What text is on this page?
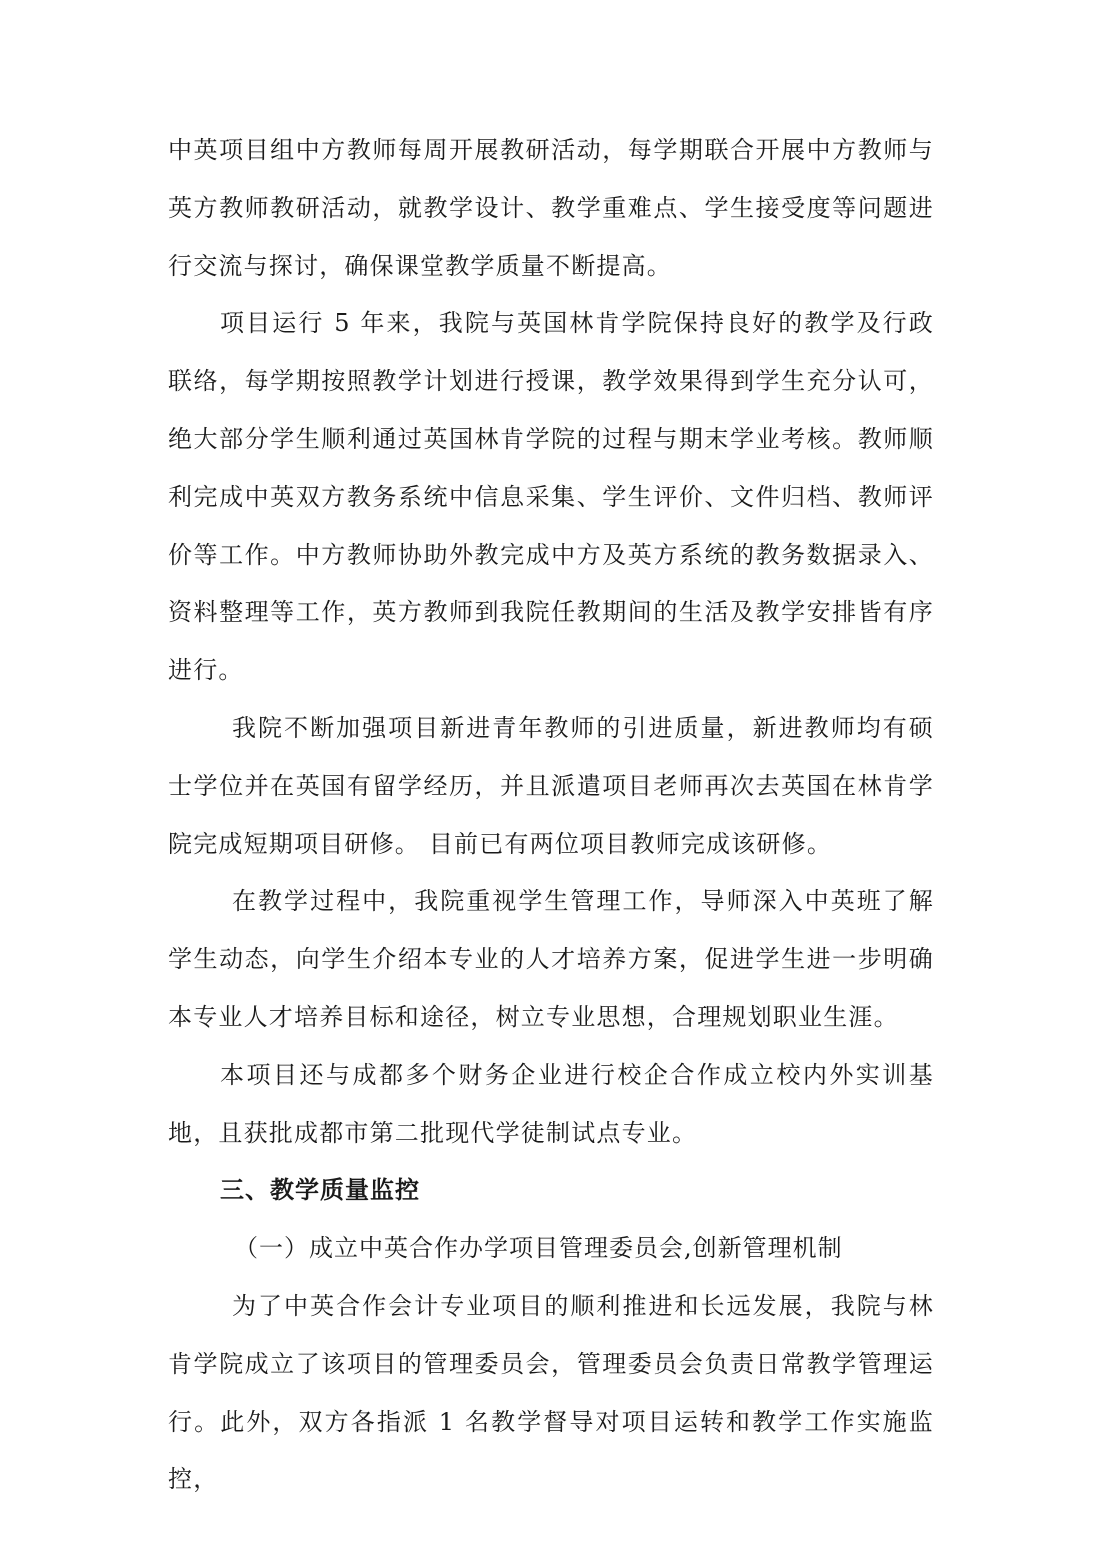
中英项目组中方教师每周开展教研活动，每学期联合开展中方教师与英方教师教研活动，就教学设计、教学重难点、学生接受度等问题进行交流与探讨，确保课堂教学质量不断提高。

项目运行 5 年来，我院与英国林肯学院保持良好的教学及行政联络，每学期按照教学计划进行授课，教学效果得到学生充分认可，绝大部分学生顺利通过英国林肯学院的过程与期末学业考核。教师顺利完成中英双方教务系统中信息采集、学生评价、文件归档、教师评价等工作。中方教师协助外教完成中方及英方系统的教务数据录入、资料整理等工作，英方教师到我院任教期间的生活及教学安排皆有序进行。

我院不断加强项目新进青年教师的引进质量，新进教师均有硕士学位并在英国有留学经历，并且派遣项目老师再次去英国在林肯学院完成短期项目研修。 目前已有两位项目教师完成该研修。

在教学过程中，我院重视学生管理工作，导师深入中英班了解学生动态，向学生介绍本专业的人才培养方案，促进学生进一步明确本专业人才培养目标和途径，树立专业思想，合理规划职业生涯。

本项目还与成都多个财务企业进行校企合作成立校内外实训基地，且获批成都市第二批现代学徒制试点专业。

三、教学质量监控

（一）成立中英合作办学项目管理委员会,创新管理机制

为了中英合作会计专业项目的顺利推进和长远发展，我院与林肯学院成立了该项目的管理委员会，管理委员会负责日常教学管理运行。此外，双方各指派 1 名教学督导对项目运转和教学工作实施监控，
